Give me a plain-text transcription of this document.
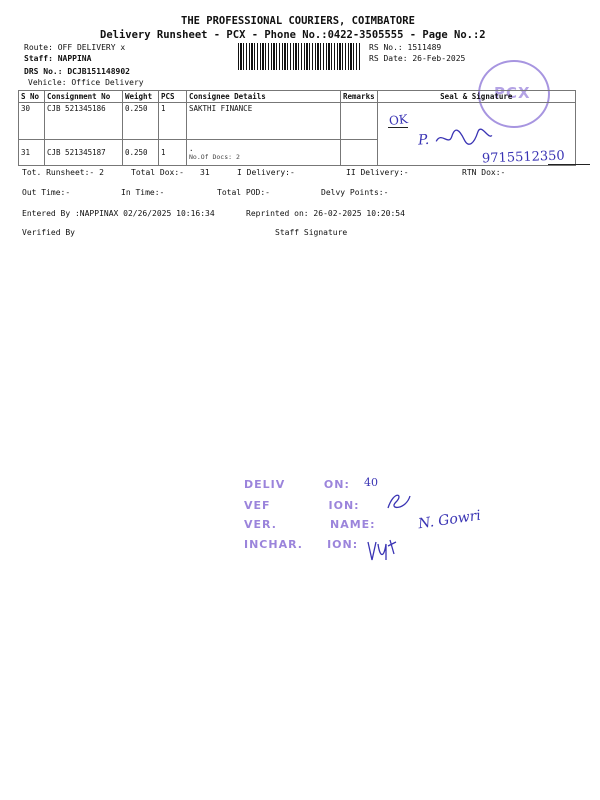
THE PROFESSIONAL COURIERS, COIMBATORE
Delivery Runsheet - PCX - Phone No.:0422-3505555 - Page No.:2
Route: OFF DELIVERY x
Staff: NAPPINA
DRS No.: DCJB151148902
Vehicle: Office Delivery
RS No.: 1511489
RS Date: 26-Feb-2025
PCX
S No	Consignment No	Weight	PCS	Consignee Details	Remarks	Seal & Signature
30	CJB 521345186	0.250	1	SAKTHI FINANCE		
31	CJB 521345187	0.250	1	.
No.Of Docs: 2		

OK
P.
9715512350
Tot. Runsheet:- 2	Total Dox:- 31	I Delivery:-	II Delivery:-	RTN Dox:-
Out Time:-	In Time:-	Total POD:-	Delvy Points:-
Entered By :NAPPINAX 02/26/2025 10:16:34	Reprinted on: 26-02-2025 10:20:54
Verified By	Staff Signature
DELIV        ON: 40
VEF            ION:
VER.           NAME:	N. Gowri
INCHAR.     ION:
